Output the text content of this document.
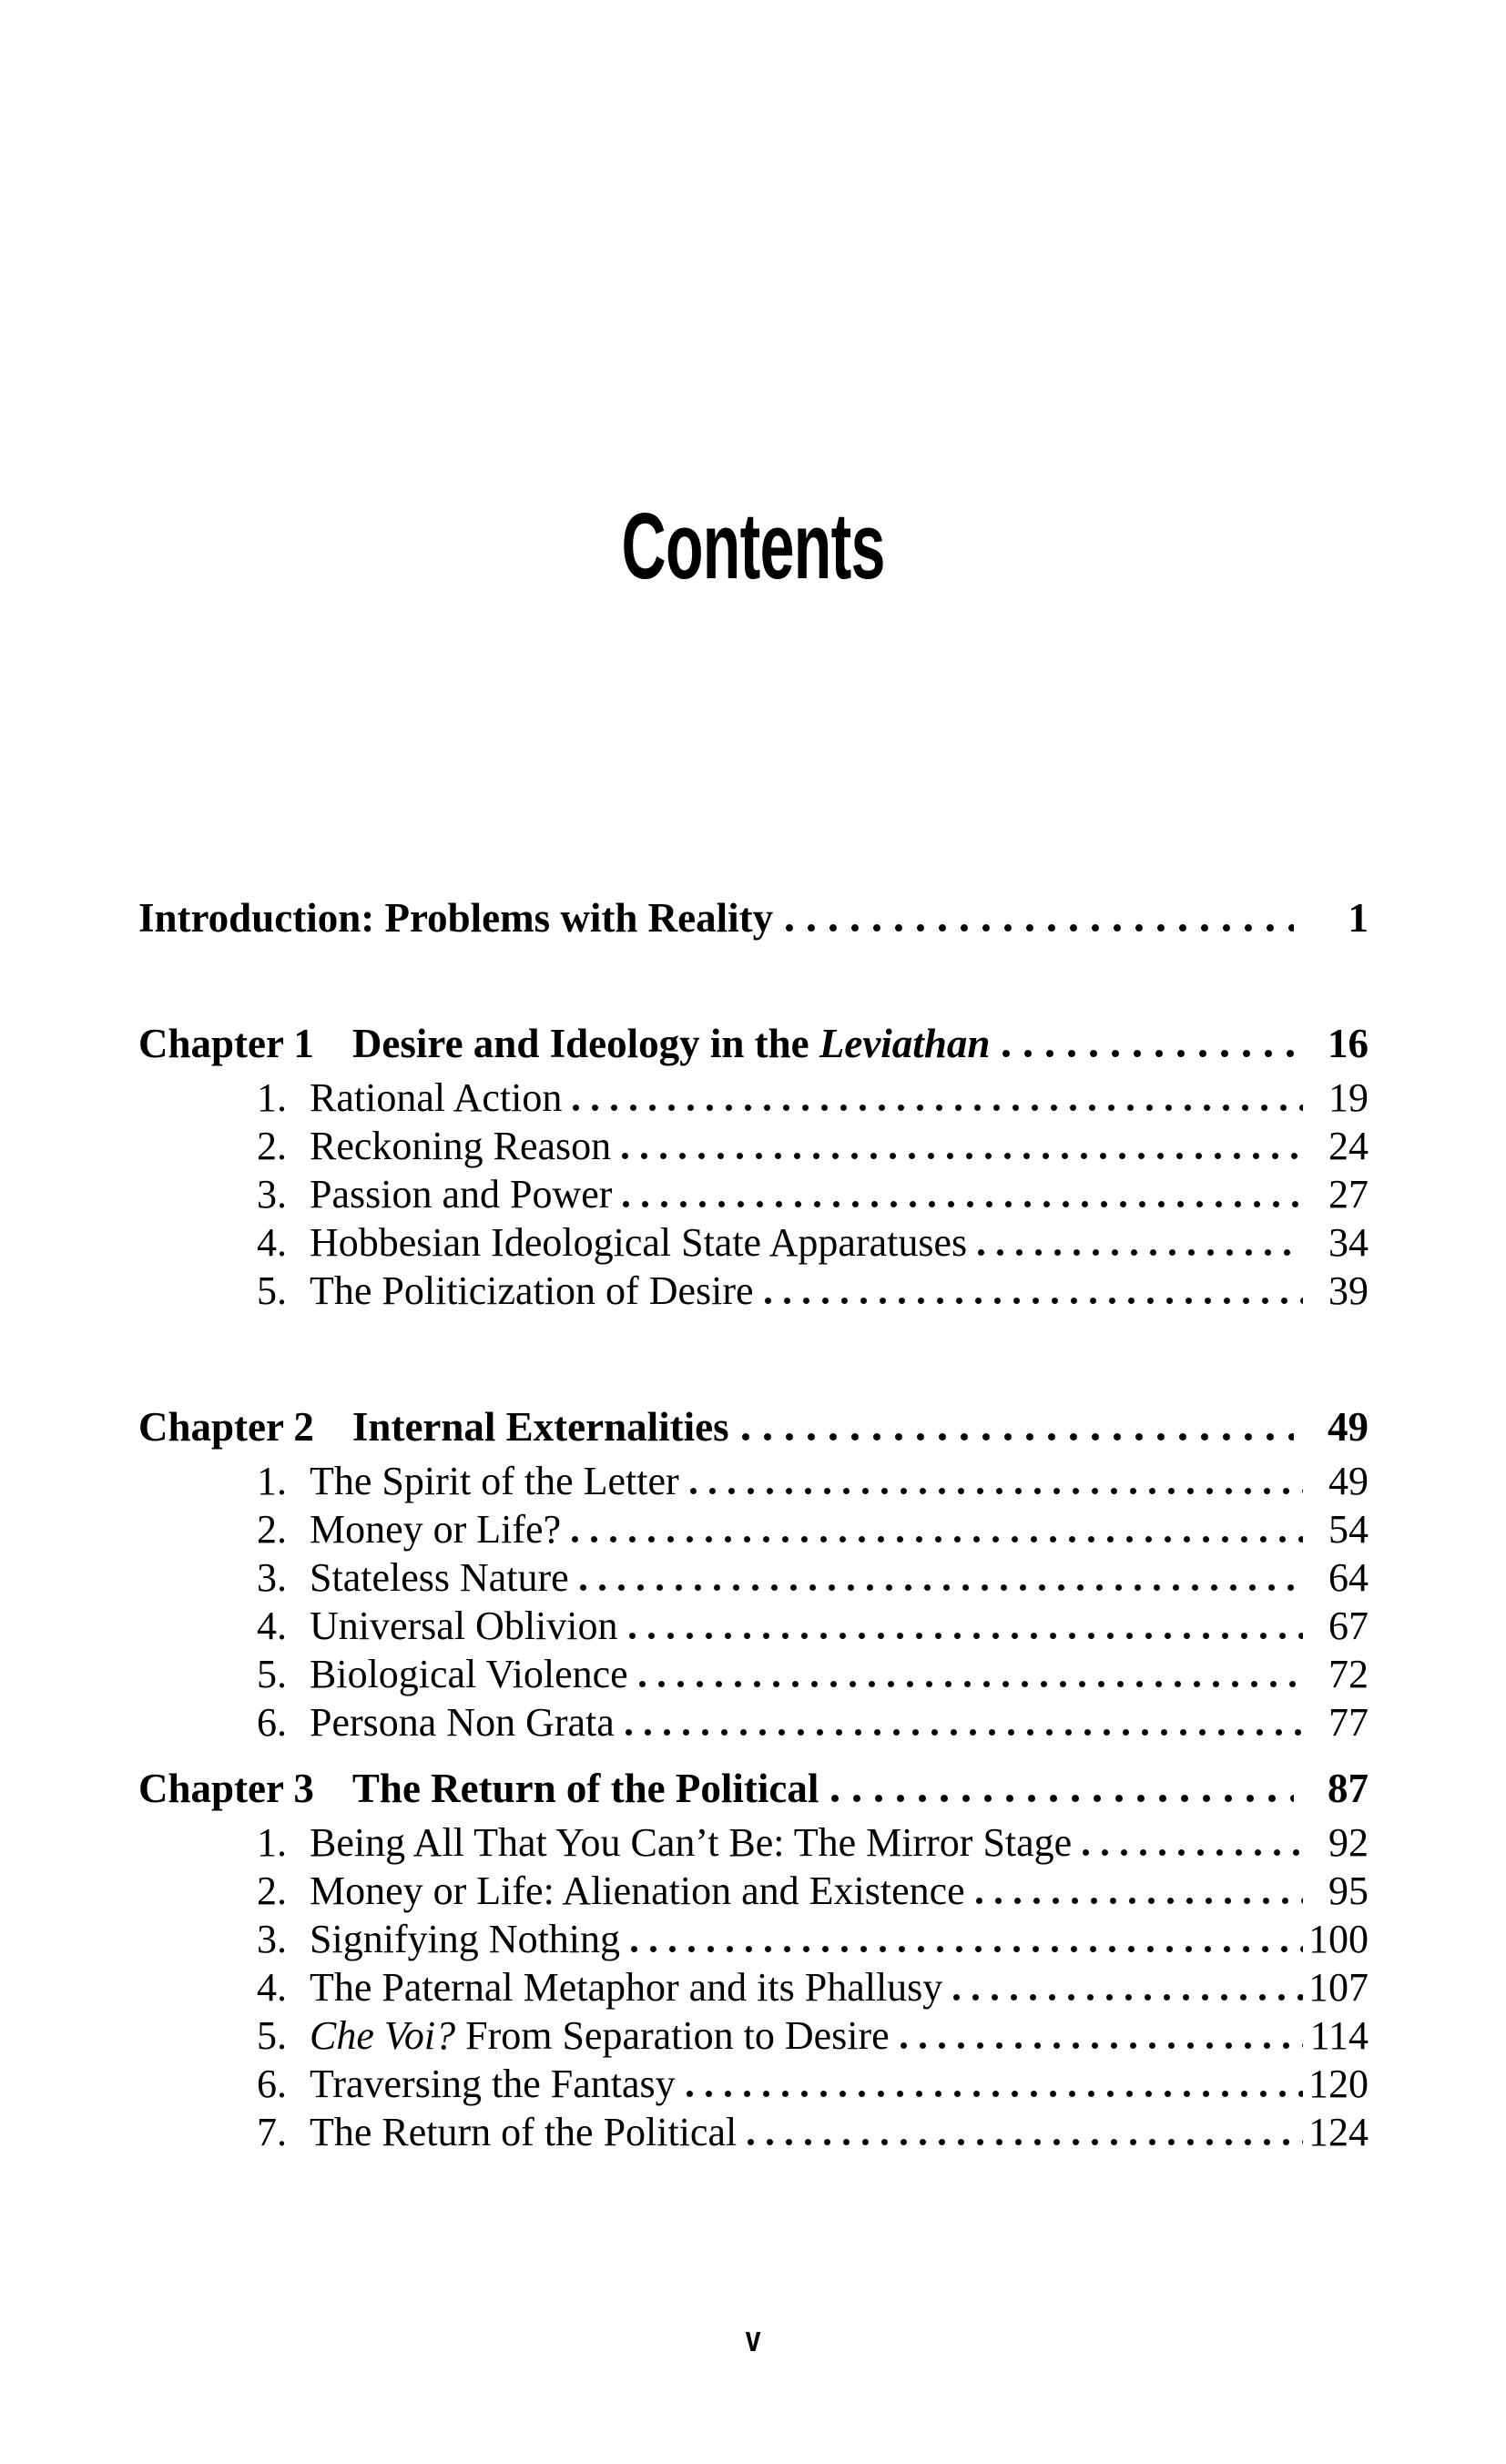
Contents
Introduction: Problems with Reality	1
Chapter 1 Desire and Ideology in the Leviathan	16
1. Rational Action	19
2. Reckoning Reason	24
3. Passion and Power	27
4. Hobbesian Ideological State Apparatuses	34
5. The Politicization of Desire	39
Chapter 2 Internal Externalities	49
1. The Spirit of the Letter	49
2. Money or Life?	54
3. Stateless Nature	64
4. Universal Oblivion	67
5. Biological Violence	72
6. Persona Non Grata	77
Chapter 3 The Return of the Political	87
1. Being All That You Can’t Be: The Mirror Stage	92
2. Money or Life: Alienation and Existence	95
3. Signifying Nothing	100
4. The Paternal Metaphor and its Phallusy	107
5. Che Voi? From Separation to Desire	114
6. Traversing the Fantasy	120
7. The Return of the Political	124
v
